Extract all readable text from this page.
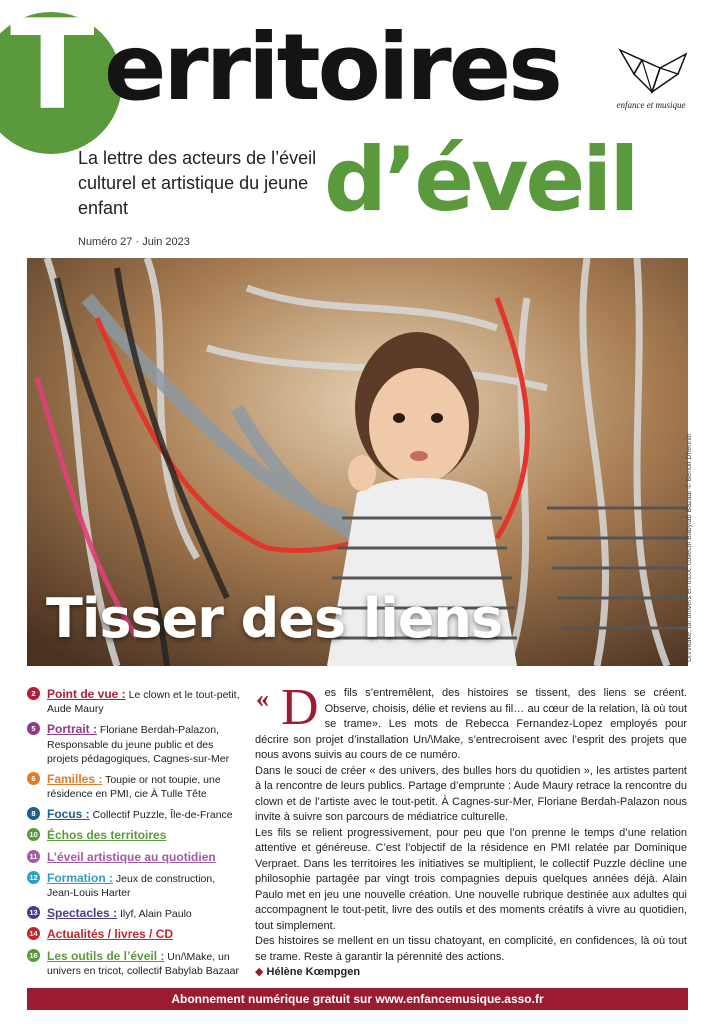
T erritoires
d’éveil
La lettre des acteurs de l’éveil culturel et artistique du jeune enfant
Numéro 27 · Juin 2023
enfance et musique
Tisser des liens	Un/\Make, un univers en tricot, collectif Babylab Bazaar © Benoit Dhennin
2 Point de vue : Le clown et le tout-petit, Aude Maury
5 Portrait : Floriane Berdah-Palazon, Responsable du jeune public et des projets pédagogiques, Cagnes-sur-Mer
6 Familles : Toupie or not toupie, une résidence en PMI, cie À Tulle Tête
8 Focus : Collectif Puzzle, Île-de-France
10 Échos des territoires
11 L’éveil artistique au quotidien
12 Formation : Jeux de construction, Jean-Louis Harter
13 Spectacles : Ilyf, Alain Paulo
14 Actualités / livres / CD
16 Les outils de l’éveil : Un/\Make, un univers en tricot, collectif Babylab Bazaar
« Des fils s’entremêlent, des histoires se tissent, des liens se créent. Observe, choisis, délie et reviens au fil… au cœur de la relation, là où tout se trame». Les mots de Rebecca Fernandez-Lopez employés pour décrire son projet d’installation Un/\Make, s’entrecroisent avec l’esprit des projets que nous avons suivis au cours de ce numéro.

Dans le souci de créer « des univers, des bulles hors du quotidien », les artistes partent à la rencontre de leurs publics. Partage d’emprunte : Aude Maury retrace la rencontre du clown et de l’artiste avec le tout-petit. À Cagnes-sur-Mer, Floriane Berdah-Palazon nous invite à suivre son parcours de médiatrice culturelle.

Les fils se relient progressivement, pour peu que l’on prenne le temps d’une relation attentive et généreuse. C’est l’objectif de la résidence en PMI relatée par Dominique Verpraet. Dans les territoires les initiatives se multiplient, le collectif Puzzle décline une philosophie partagée par vingt trois compagnies depuis quelques années déjà. Alain Paulo met en jeu une nouvelle création. Une nouvelle rubrique destinée aux adultes qui accompagnent le tout-petit, livre des outils et des moments créatifs à vivre au quotidien, tout simplement.

Des histoires se mellent en un tissu chatoyant, en complicité, en confidences, là où tout se trame. Reste à garantir la pérennité des actions.

◆ Hélène Kœmpgen

Abonnement numérique gratuit sur www.enfancemusique.asso.fr
